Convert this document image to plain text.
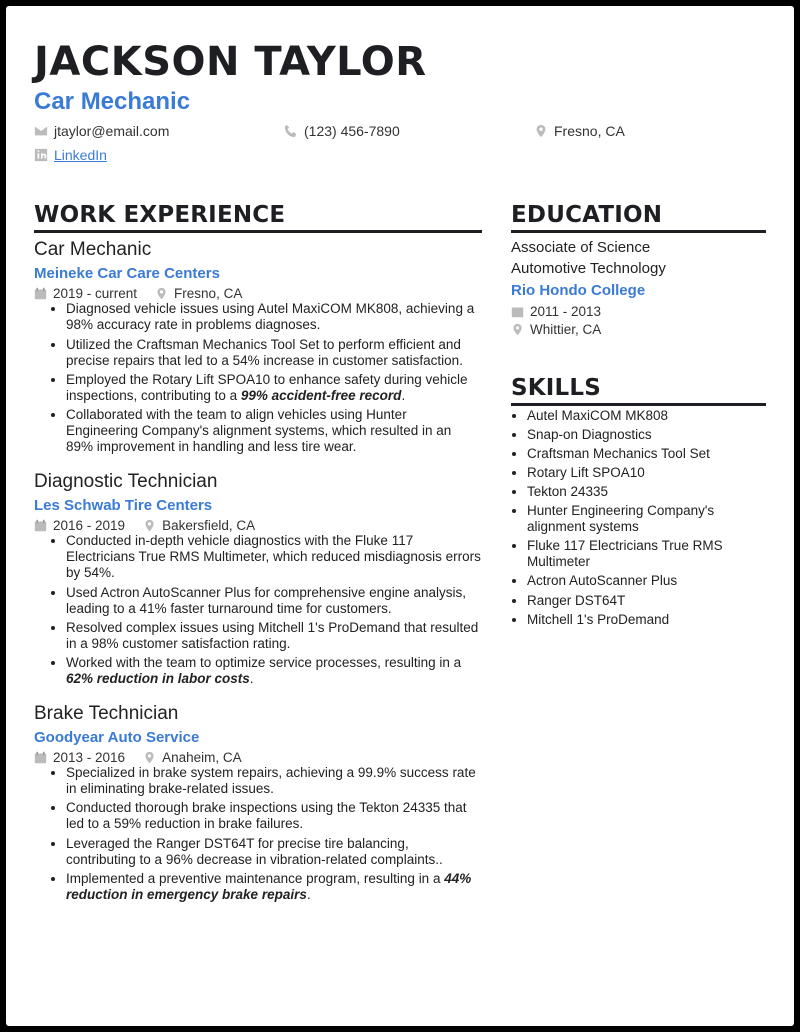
JACKSON TAYLOR
Car Mechanic
jtaylor@email.com	(123) 456-7890	Fresno, CA
LinkedIn
WORK EXPERIENCE

Car Mechanic

Meineke Car Care Centers

2019 - current	Fresno, CA
• Diagnosed vehicle issues using Autel MaxiCOM MK808, achieving a 98% accuracy rate in problems diagnoses.
• Utilized the Craftsman Mechanics Tool Set to perform efficient and precise repairs that led to a 54% increase in customer satisfaction.
• Employed the Rotary Lift SPOA10 to enhance safety during vehicle inspections, contributing to a 99% accident-free record.
• Collaborated with the team to align vehicles using Hunter Engineering Company's alignment systems, which resulted in an 89% improvement in handling and less tire wear.

Diagnostic Technician

Les Schwab Tire Centers

2016 - 2019	Bakersfield, CA
• Conducted in-depth vehicle diagnostics with the Fluke 117 Electricians True RMS Multimeter, which reduced misdiagnosis errors by 54%.
• Used Actron AutoScanner Plus for comprehensive engine analysis, leading to a 41% faster turnaround time for customers.
• Resolved complex issues using Mitchell 1's ProDemand that resulted in a 98% customer satisfaction rating.
• Worked with the team to optimize service processes, resulting in a 62% reduction in labor costs.

Brake Technician

Goodyear Auto Service

2013 - 2016	Anaheim, CA
• Specialized in brake system repairs, achieving a 99.9% success rate in eliminating brake-related issues.
• Conducted thorough brake inspections using the Tekton 24335 that led to a 59% reduction in brake failures.
• Leveraged the Ranger DST64T for precise tire balancing, contributing to a 96% decrease in vibration-related complaints..
• Implemented a preventive maintenance program, resulting in a 44% reduction in emergency brake repairs.
EDUCATION

Associate of Science

Automotive Technology

Rio Hondo College

2011 - 2013
Whittier, CA
SKILLS
• Autel MaxiCOM MK808
• Snap-on Diagnostics
• Craftsman Mechanics Tool Set
• Rotary Lift SPOA10
• Tekton 24335
• Hunter Engineering Company's alignment systems
• Fluke 117 Electricians True RMS Multimeter
• Actron AutoScanner Plus
• Ranger DST64T
• Mitchell 1's ProDemand
